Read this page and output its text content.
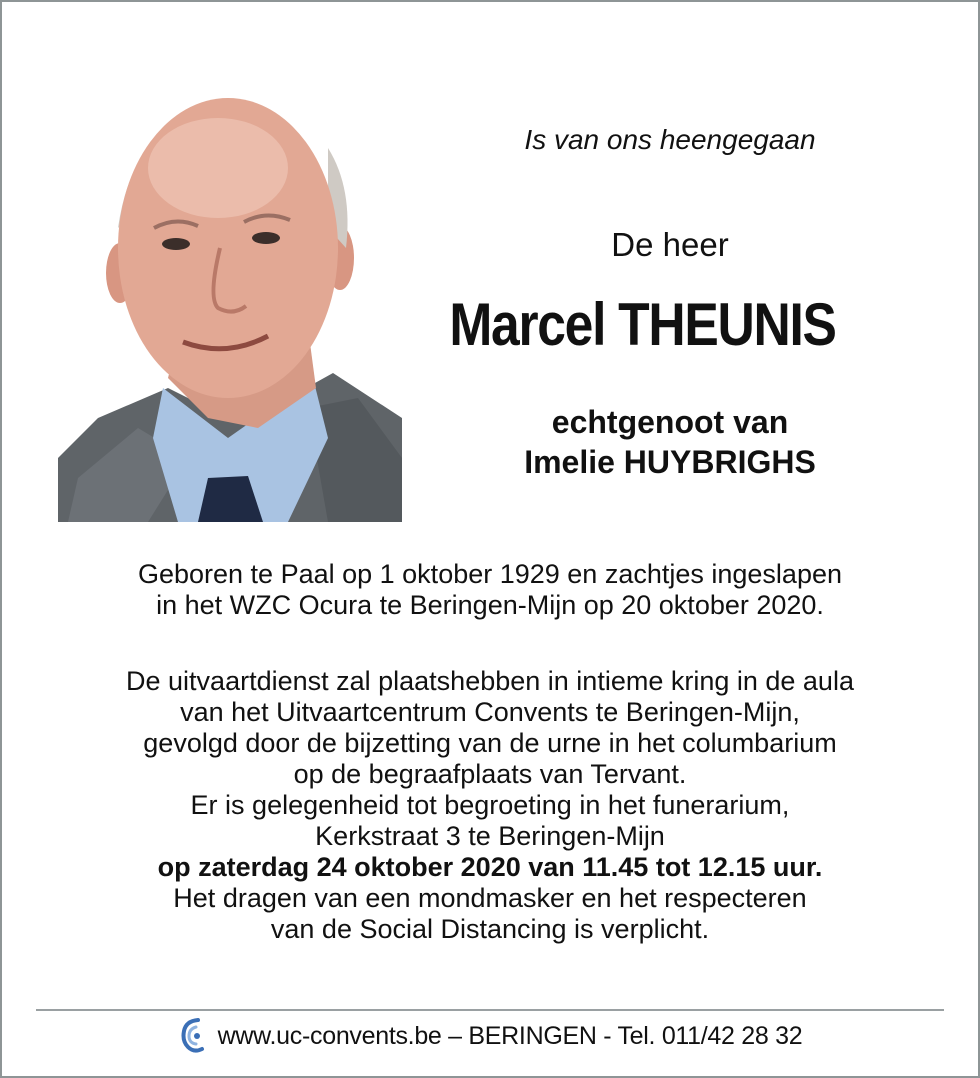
Is van ons heengegaan
De heer
Marcel THEUNIS
echtgenoot van
Imelie HUYBRIGHS
Geboren te Paal op 1 oktober 1929 en zachtjes ingeslapen
in het WZC Ocura te Beringen-Mijn op 20 oktober 2020.
De uitvaartdienst zal plaatshebben in intieme kring in de aula
van het Uitvaartcentrum Convents te Beringen-Mijn,
gevolgd door de bijzetting van de urne in het columbarium
op de begraafplaats van Tervant.
Er is gelegenheid tot begroeting in het funerarium,
Kerkstraat 3 te Beringen-Mijn
op zaterdag 24 oktober 2020 van 11.45 tot 12.15 uur.
Het dragen van een mondmasker en het respecteren
van de Social Distancing is verplicht.
www.uc-convents.be – BERINGEN - Tel. 011/42 28 32
